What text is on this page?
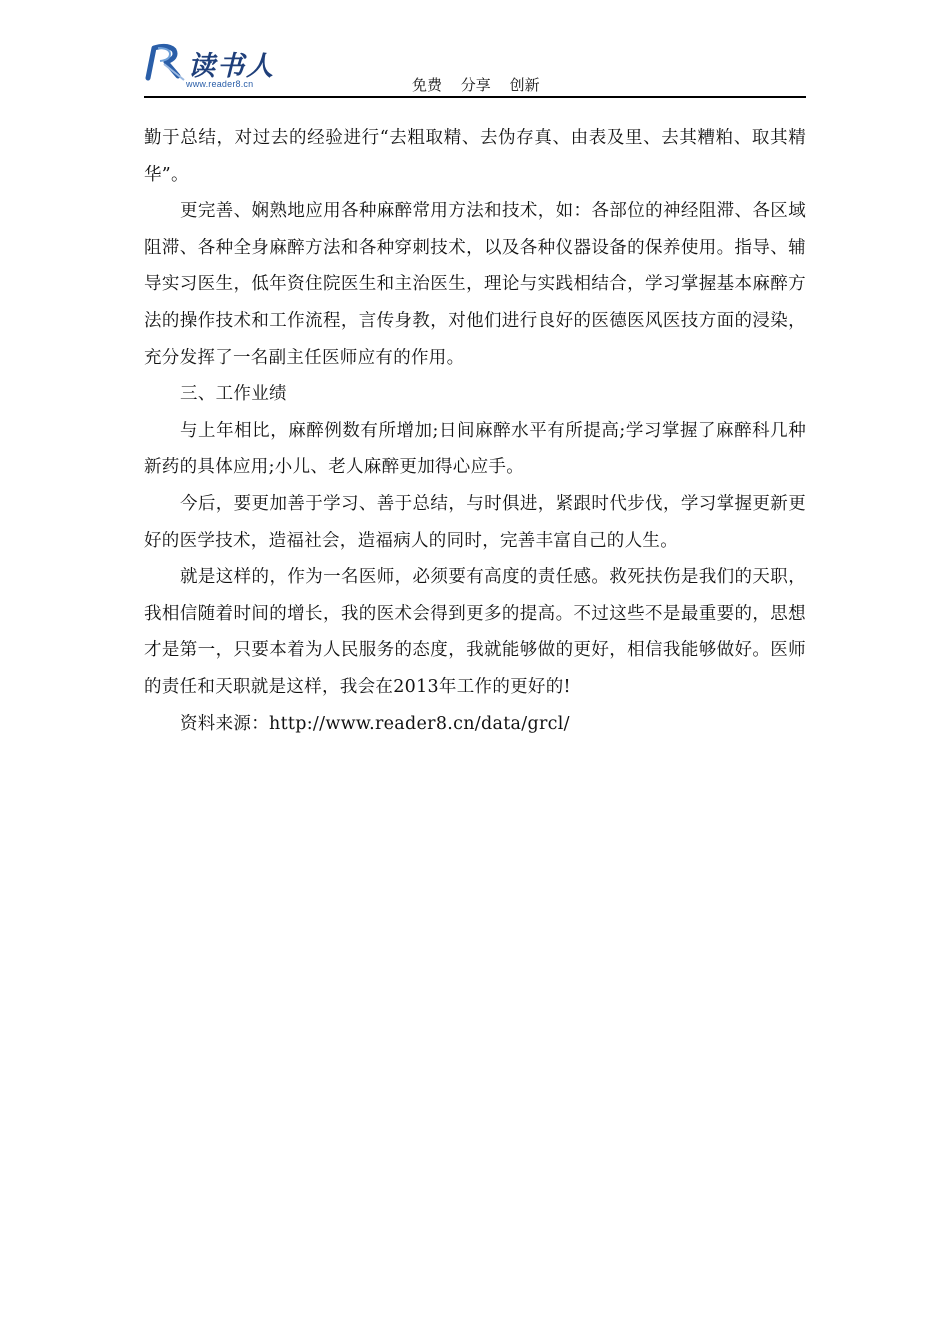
读书人
www.reader8.cn	免费 分享 创新

勤于总结，对过去的经验进行“去粗取精、去伪存真、由表及里、去其糟粕、取其精华”。

更完善、娴熟地应用各种麻醉常用方法和技术，如：各部位的神经阻滞、各区域阻滞、各种全身麻醉方法和各种穿刺技术，以及各种仪器设备的保养使用。指导、辅导实习医生，低年资住院医生和主治医生，理论与实践相结合，学习掌握基本麻醉方法的操作技术和工作流程，言传身教，对他们进行良好的医德医风医技方面的浸染，充分发挥了一名副主任医师应有的作用。

三、工作业绩

与上年相比，麻醉例数有所增加;日间麻醉水平有所提高;学习掌握了麻醉科几种新药的具体应用;小儿、老人麻醉更加得心应手。

今后，要更加善于学习、善于总结，与时俱进，紧跟时代步伐，学习掌握更新更好的医学技术，造福社会，造福病人的同时，完善丰富自己的人生。

就是这样的，作为一名医师，必须要有高度的责任感。救死扶伤是我们的天职，我相信随着时间的增长，我的医术会得到更多的提高。不过这些不是最重要的，思想才是第一，只要本着为人民服务的态度，我就能够做的更好，相信我能够做好。医师的责任和天职就是这样，我会在2013年工作的更好的!

资料来源：http://www.reader8.cn/data/grcl/
